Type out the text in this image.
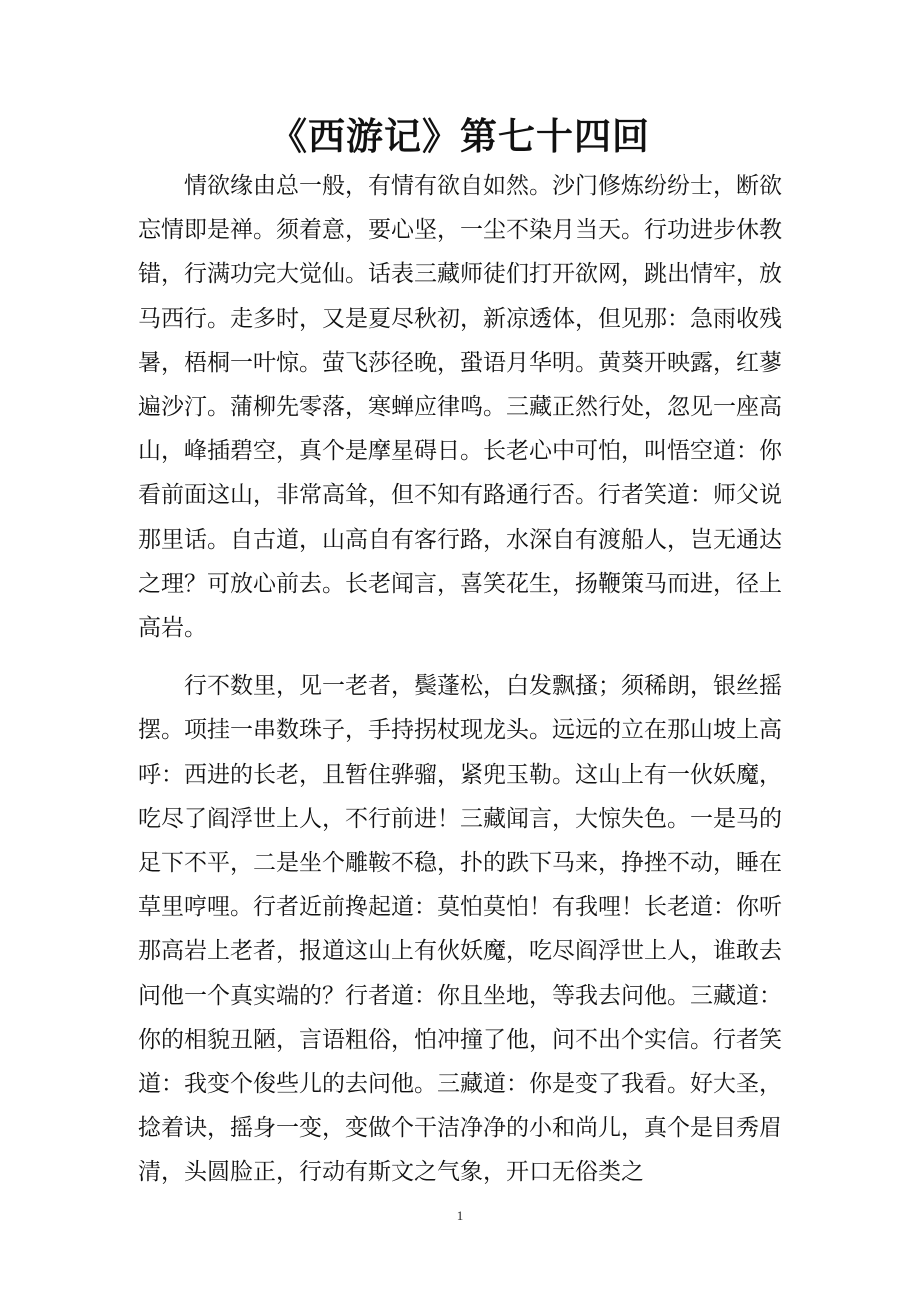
《西游记》第七十四回

情欲缘由总一般，有情有欲自如然。沙门修炼纷纷士，断欲忘情即是禅。须着意，要心坚，一尘不染月当天。行功进步休教错，行满功完大觉仙。话表三藏师徒们打开欲网，跳出情牢，放马西行。走多时，又是夏尽秋初，新凉透体，但见那：急雨收残暑，梧桐一叶惊。萤飞莎径晚，蛩语月华明。黄葵开映露，红蓼遍沙汀。蒲柳先零落，寒蝉应律鸣。三藏正然行处，忽见一座高山，峰插碧空，真个是摩星碍日。长老心中可怕，叫悟空道：你看前面这山，非常高耸，但不知有路通行否。行者笑道：师父说那里话。自古道，山高自有客行路，水深自有渡船人，岂无通达之理？可放心前去。长老闻言，喜笑花生，扬鞭策马而进，径上高岩。

行不数里，见一老者，鬓蓬松，白发飘搔；须稀朗，银丝摇摆。项挂一串数珠子，手持拐杖现龙头。远远的立在那山坡上高呼：西进的长老，且暂住骅骝，紧兜玉勒。这山上有一伙妖魔，吃尽了阎浮世上人，不行前进！三藏闻言，大惊失色。一是马的足下不平，二是坐个雕鞍不稳，扑的跌下马来，挣挫不动，睡在草里哼哩。行者近前搀起道：莫怕莫怕！有我哩！长老道：你听那高岩上老者，报道这山上有伙妖魔，吃尽阎浮世上人，谁敢去问他一个真实端的？行者道：你且坐地，等我去问他。三藏道：你的相貌丑陋，言语粗俗，怕冲撞了他，问不出个实信。行者笑道：我变个俊些儿的去问他。三藏道：你是变了我看。好大圣，捻着诀，摇身一变，变做个干洁净净的小和尚儿，真个是目秀眉清，头圆脸正，行动有斯文之气象，开口无俗类之

1
